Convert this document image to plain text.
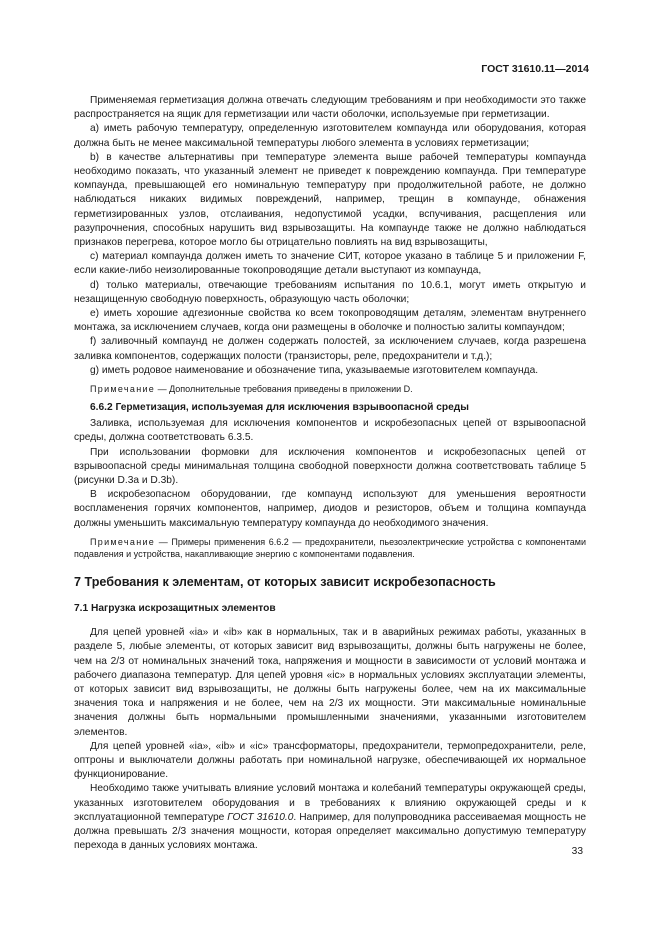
ГОСТ 31610.11—2014

Применяемая герметизация должна отвечать следующим требованиям и при необходимости это также распространяется на ящик для герметизации или части оболочки, используемые при герметизации.

а) иметь рабочую температуру, определенную изготовителем компаунда или оборудования, которая должна быть не менее максимальной температуры любого элемента в условиях герметизации;

b) в качестве альтернативы при температуре элемента выше рабочей температуры компаунда необходимо показать, что указанный элемент не приведет к повреждению компаунда. При температуре компаунда, превышающей его номинальную температуру при продолжительной работе, не должно наблюдаться никаких видимых повреждений, например, трещин в компаунде, обнажения герметизированных узлов, отслаивания, недопустимой усадки, вспучивания, расщепления или разупрочнения, способных нарушить вид взрывозащиты. На компаунде также не должно наблюдаться признаков перегрева, которое могло бы отрицательно повлиять на вид взрывозащиты,

с) материал компаунда должен иметь то значение СИТ, которое указано в таблице 5 и приложении F, если какие-либо неизолированные токопроводящие детали выступают из компаунда,

d) только материалы, отвечающие требованиям испытания по 10.6.1, могут иметь открытую и незащищенную свободную поверхность, образующую часть оболочки;

е) иметь хорошие адгезионные свойства ко всем токопроводящим деталям, элементам внутреннего монтажа, за исключением случаев, когда они размещены в оболочке и полностью залиты компаундом;

f) заливочный компаунд не должен содержать полостей, за исключением случаев, когда разрешена заливка компонентов, содержащих полости (транзисторы, реле, предохранители и т.д.);

g) иметь родовое наименование и обозначение типа, указываемые изготовителем компаунда.

Примечание — Дополнительные требования приведены в приложении D.

6.6.2 Герметизация, используемая для исключения взрывоопасной среды

Заливка, используемая для исключения компонентов и искробезопасных цепей от взрывоопасной среды, должна соответствовать 6.3.5.

При использовании формовки для исключения компонентов и искробезопасных цепей от взрывоопасной среды минимальная толщина свободной поверхности должна соответствовать таблице 5 (рисунки D.3a и D.3b).

В искробезопасном оборудовании, где компаунд используют для уменьшения вероятности воспламенения горячих компонентов, например, диодов и резисторов, объем и толщина компаунда должны уменьшить максимальную температуру компаунда до необходимого значения.

Примечание — Примеры применения 6.6.2 — предохранители, пьезоэлектрические устройства с компонентами подавления и устройства, накапливающие энергию с компонентами подавления.

7 Требования к элементам, от которых зависит искробезопасность

7.1 Нагрузка искрозащитных элементов

Для цепей уровней «ia» и «ib» как в нормальных, так и в аварийных режимах работы, указанных в разделе 5, любые элементы, от которых зависит вид взрывозащиты, должны быть нагружены не более, чем на 2/3 от номинальных значений тока, напряжения и мощности в зависимости от условий монтажа и рабочего диапазона температур. Для цепей уровня «ic» в нормальных условиях эксплуатации элементы, от которых зависит вид взрывозащиты, не должны быть нагружены более, чем на их максимальные значения тока и напряжения и не более, чем на 2/3 их мощности. Эти максимальные номинальные значения должны быть нормальными промышленными значениями, указанными изготовителем элементов.

Для цепей уровней «ia», «ib» и «ic» трансформаторы, предохранители, термопредохранители, реле, оптроны и выключатели должны работать при номинальной нагрузке, обеспечивающей их нормальное функционирование.

Необходимо также учитывать влияние условий монтажа и колебаний температуры окружающей среды, указанных изготовителем оборудования и в требованиях к влиянию окружающей среды и к эксплуатационной температуре ГОСТ 31610.0. Например, для полупроводника рассеиваемая мощность не должна превышать 2/3 значения мощности, которая определяет максимально допустимую температуру перехода в данных условиях монтажа.

33
